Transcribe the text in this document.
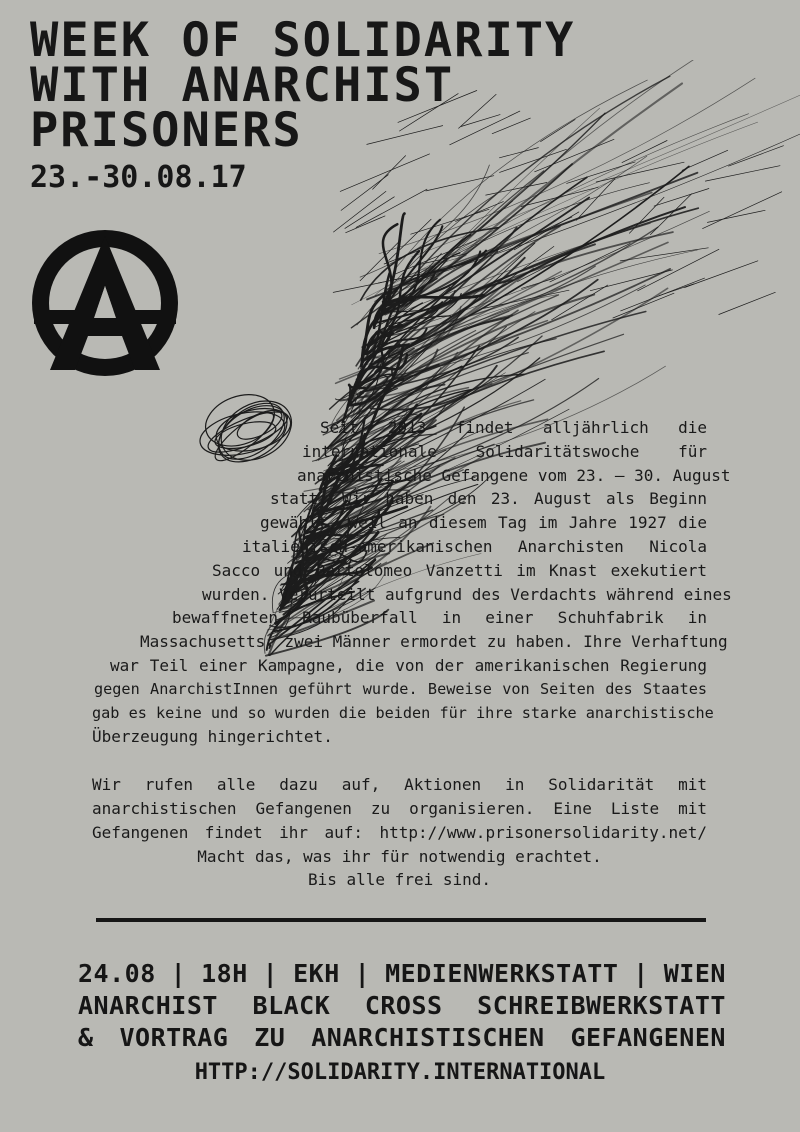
WEEK OF SOLIDARITY
WITH ANARCHIST
PRISONERS
23.-30.08.17
Seit 2013 findet alljährlich die
internationale Solidaritätswoche für
anarchistische Gefangene vom 23. – 30. August
statt. Wir haben den 23. August als Beginn
gewählt, weil an diesem Tag im Jahre 1927 die
italienisch-amerikanischen Anarchisten Nicola
Sacco und Bartolomeo Vanzetti im Knast exekutiert
wurden. Verurteilt aufgrund des Verdachts während eines
bewaffneten Raubüberfall in einer Schuhfabrik in
Massachusetts, zwei Männer ermordet zu haben. Ihre Verhaftung
war Teil einer Kampagne, die von der amerikanischen Regierung
gegen AnarchistInnen geführt wurde. Beweise von Seiten des Staates
gab es keine und so wurden die beiden für ihre starke anarchistische
Überzeugung hingerichtet.
Wir rufen alle dazu auf, Aktionen in Solidarität mit
anarchistischen Gefangenen zu organisieren. Eine Liste mit
Gefangenen findet ihr auf: http://www.prisonersolidarity.net/
Macht das, was ihr für notwendig erachtet.
Bis alle frei sind.
24.08 | 18H | EKH | MEDIENWERKSTATT | WIEN
ANARCHIST BLACK CROSS SCHREIBWERKSTATT
& VORTRAG ZU ANARCHISTISCHEN GEFANGENEN
HTTP://SOLIDARITY.INTERNATIONAL
